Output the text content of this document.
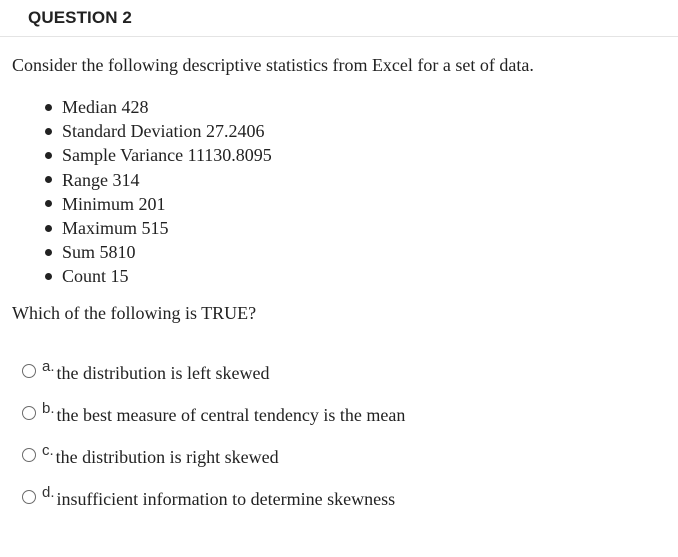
QUESTION 2
Consider the following descriptive statistics from Excel for a set of data.
Median 428
Standard Deviation 27.2406
Sample Variance 11130.8095
Range 314
Minimum 201
Maximum 515
Sum 5810
Count 15
Which of the following is TRUE?
a. the distribution is left skewed
b. the best measure of central tendency is the mean
c. the distribution is right skewed
d. insufficient information to determine skewness
